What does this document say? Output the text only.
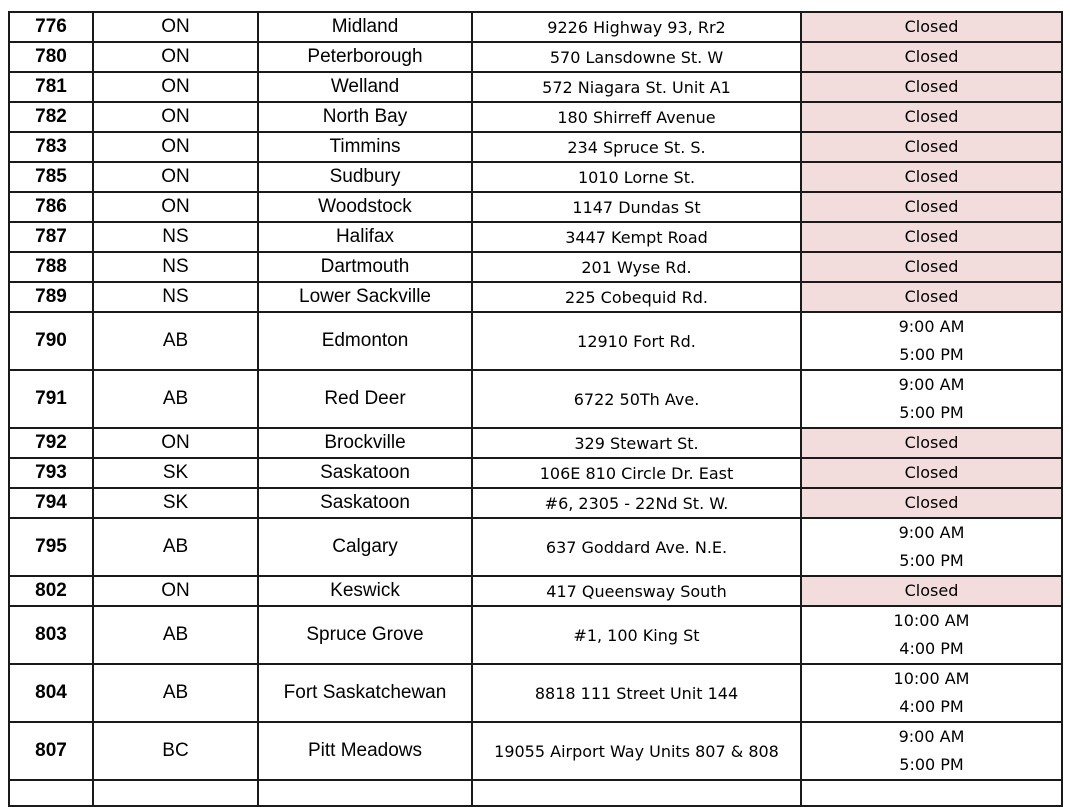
776	ON	Midland	9226 Highway 93, Rr2	Closed

780	ON	Peterborough	570 Lansdowne St. W	Closed

781	ON	Welland	572 Niagara St. Unit A1	Closed

782	ON	North Bay	180 Shirreff Avenue	Closed

783	ON	Timmins	234 Spruce St. S.	Closed

785	ON	Sudbury	1010 Lorne St.	Closed

786	ON	Woodstock	1147 Dundas St	Closed

787	NS	Halifax	3447 Kempt Road	Closed

788	NS	Dartmouth	201 Wyse Rd.	Closed

789	NS	Lower Sackville	225 Cobequid Rd.	Closed

790	AB	Edmonton	12910 Fort Rd.	9:00 AM
5:00 PM

791	AB	Red Deer	6722 50Th Ave.	9:00 AM
5:00 PM

792	ON	Brockville	329 Stewart St.	Closed

793	SK	Saskatoon	106E 810 Circle Dr. East	Closed

794	SK	Saskatoon	#6, 2305 - 22Nd St. W.	Closed

795	AB	Calgary	637 Goddard Ave. N.E.	9:00 AM
5:00 PM

802	ON	Keswick	417 Queensway South	Closed

803	AB	Spruce Grove	#1, 100 King St	10:00 AM
4:00 PM

804	AB	Fort Saskatchewan	8818 111 Street Unit 144	10:00 AM
4:00 PM

807	BC	Pitt Meadows	19055 Airport Way Units 807 & 808	9:00 AM
5:00 PM
